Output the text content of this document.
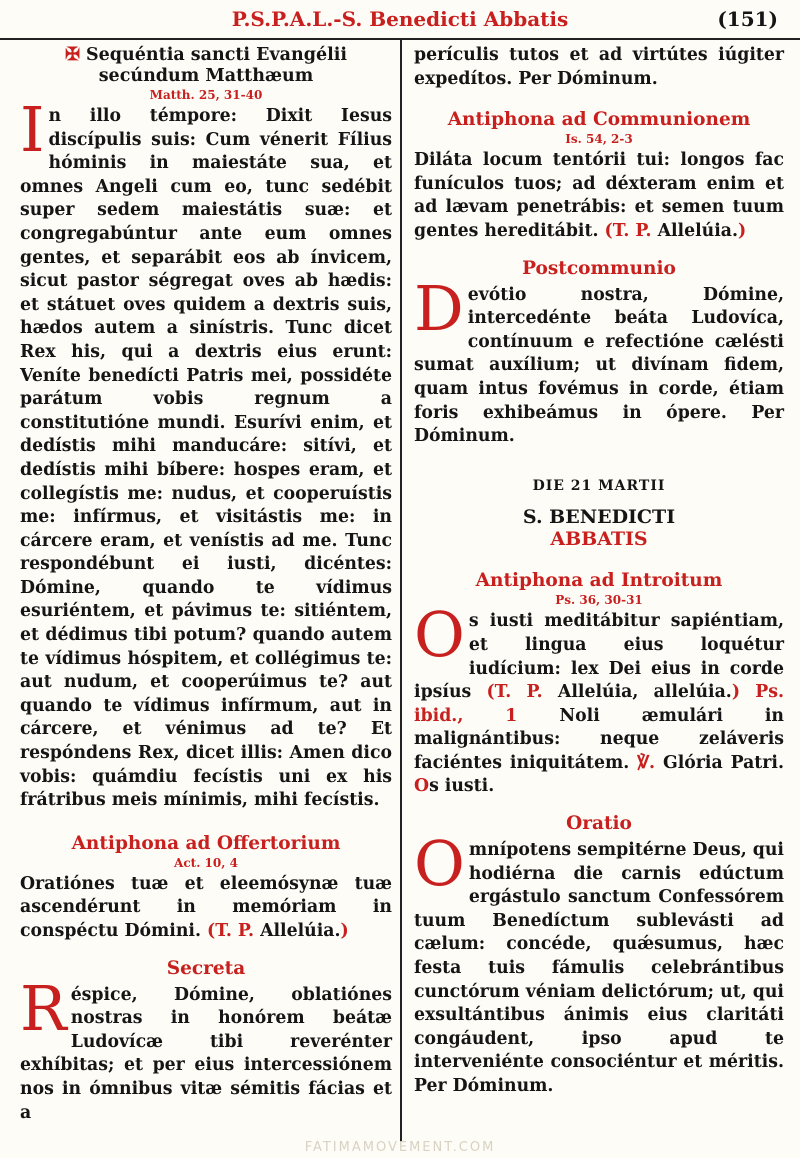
P.S.P.A.L.-S. Benedicti Abbatis	(151)
✠ Sequéntia sancti Evangélii
secúndum Matthæum
Matth. 25, 31-40

In illo témpore: Dixit Iesus discípulis suis: Cum vénerit Fílius hóminis in maiestáte sua, et omnes Angeli cum eo, tunc sedébit super sedem maiestátis suæ: et congregabúntur ante eum omnes gentes, et separábit eos ab ínvicem, sicut pastor ségregat oves ab hædis: et státuet oves quidem a dextris suis, hædos autem a sinístris. Tunc dicet Rex his, qui a dextris eius erunt: Veníte benedícti Patris mei, possidéte parátum vobis regnum a constitutióne mundi. Esurívi enim, et dedístis mihi manducáre: sitívi, et dedístis mihi bíbere: hospes eram, et collegístis me: nudus, et cooperuístis me: infírmus, et visitástis me: in cárcere eram, et venístis ad me. Tunc respondébunt ei iusti, dicéntes: Dómine, quando te vídimus esuriéntem, et pávimus te: sitiéntem, et dédimus tibi potum? quando autem te vídimus hóspitem, et collégimus te: aut nudum, et cooperúimus te? aut quando te vídimus infírmum, aut in cárcere, et vénimus ad te? Et respóndens Rex, dicet illis: Amen dico vobis: quámdiu fecístis uni ex his frátribus meis mínimis, mihi fecístis.

Antiphona ad Offertorium
Act. 10, 4

Oratiónes tuæ et eleemósynæ tuæ ascendérunt in memóriam in conspéctu Dómini. (T. P. Allelúia.)

Secreta

Réspice, Dómine, oblatiónes nostras in honórem beátæ Ludovícæ tibi reverénter exhíbitas; et per eius intercessiónem nos in ómnibus vitæ sémitis fácias et a

perículis tutos et ad virtútes iúgiter expedítos. Per Dóminum.

Antiphona ad Communionem
Is. 54, 2-3

Diláta locum tentórii tui: longos fac funículos tuos; ad déxteram enim et ad lævam penetrábis: et semen tuum gentes hereditábit. (T. P. Allelúia.)

Postcommunio

Devótio nostra, Dómine, intercedénte beáta Ludovíca, contínuum e refectióne cælésti sumat auxílium; ut divínam fidem, quam intus fovémus in corde, étiam foris exhibeámus in ópere. Per Dóminum.

DIE 21 MARTII
S. BENEDICTI
ABBATIS
Antiphona ad Introitum
Ps. 36, 30-31

Os iusti meditábitur sapiéntiam, et lingua eius loquétur iudícium: lex Dei eius in corde ipsíus (T. P. Allelúia, allelúia.) Ps. ibid., 1 Noli æmulári in malignántibus: neque zeláveris faciéntes iniquitátem. ℣. Glória Patri. Os iusti.

Oratio

Omnípotens sempitérne Deus, qui hodiérna die carnis edúctum ergástulo sanctum Confessórem tuum Benedíctum sublevásti ad cælum: concéde, quǽsumus, hæc festa tuis fámulis celebrántibus cunctórum véniam delictórum; ut, qui exsultántibus ánimis eius claritáti congáudent, ipso apud te interveniénte consociéntur et méritis. Per Dóminum.

FATIMAMOVEMENT.COM
